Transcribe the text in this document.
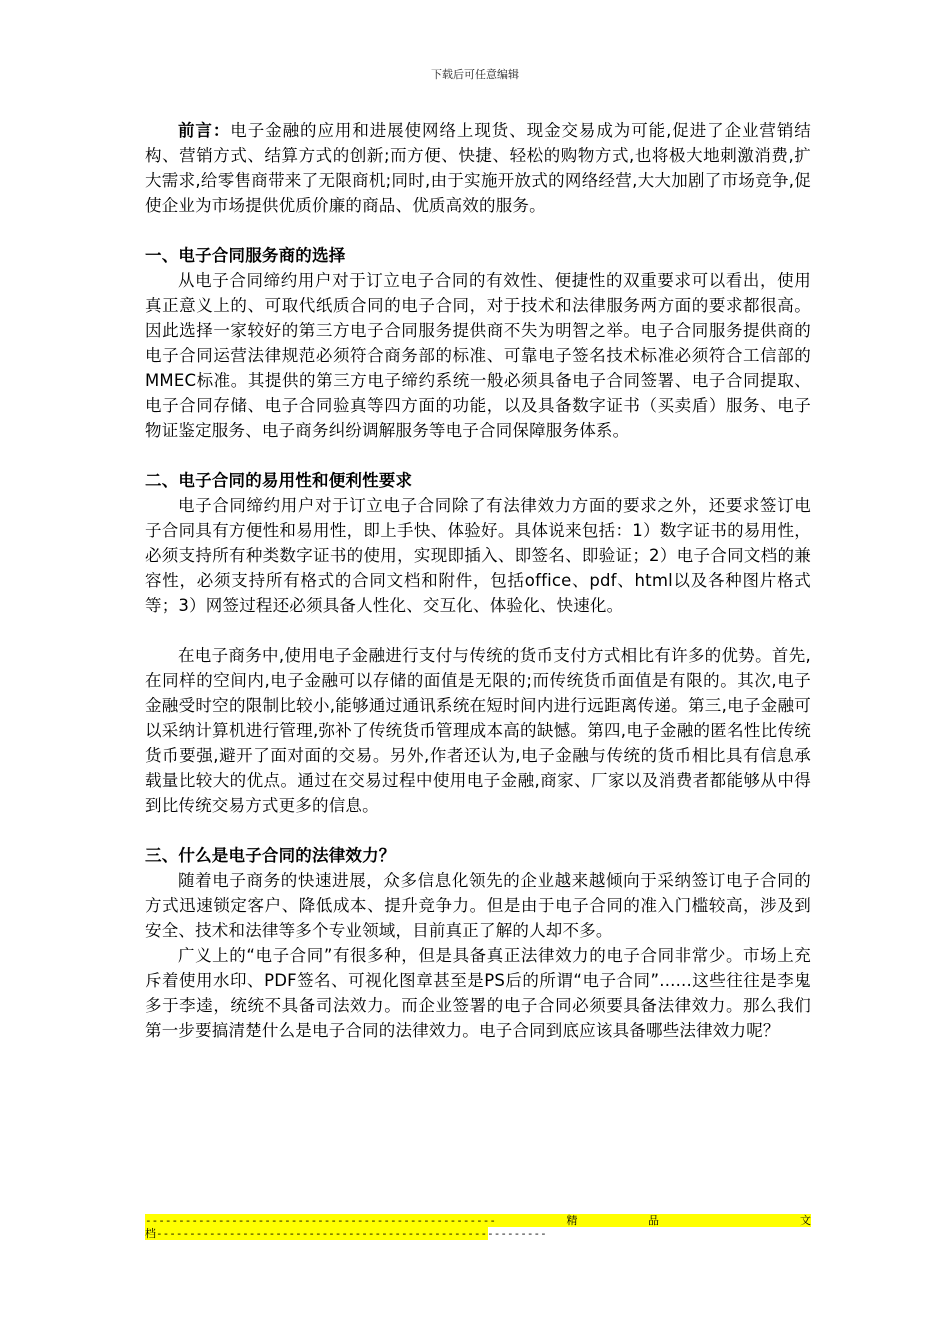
下载后可任意编辑

前言：电子金融的应用和进展使网络上现货、现金交易成为可能,促进了企业营销结构、营销方式、结算方式的创新;而方便、快捷、轻松的购物方式,也将极大地刺激消费,扩大需求,给零售商带来了无限商机;同时,由于实施开放式的网络经营,大大加剧了市场竞争,促使企业为市场提供优质价廉的商品、优质高效的服务。

一、电子合同服务商的选择

从电子合同缔约用户对于订立电子合同的有效性、便捷性的双重要求可以看出，使用真正意义上的、可取代纸质合同的电子合同，对于技术和法律服务两方面的要求都很高。因此选择一家较好的第三方电子合同服务提供商不失为明智之举。电子合同服务提供商的电子合同运营法律规范必须符合商务部的标准、可靠电子签名技术标准必须符合工信部的MMEC标准。其提供的第三方电子缔约系统一般必须具备电子合同签署、电子合同提取、电子合同存储、电子合同验真等四方面的功能，以及具备数字证书（买卖盾）服务、电子物证鉴定服务、电子商务纠纷调解服务等电子合同保障服务体系。

二、电子合同的易用性和便利性要求

电子合同缔约用户对于订立电子合同除了有法律效力方面的要求之外，还要求签订电子合同具有方便性和易用性，即上手快、体验好。具体说来包括：1）数字证书的易用性，必须支持所有种类数字证书的使用，实现即插入、即签名、即验证；2）电子合同文档的兼容性，必须支持所有格式的合同文档和附件，包括office、pdf、html以及各种图片格式等；3）网签过程还必须具备人性化、交互化、体验化、快速化。

在电子商务中,使用电子金融进行支付与传统的货币支付方式相比有许多的优势。首先,在同样的空间内,电子金融可以存储的面值是无限的;而传统货币面值是有限的。其次,电子金融受时空的限制比较小,能够通过通讯系统在短时间内进行远距离传递。第三,电子金融可以采纳计算机进行管理,弥补了传统货币管理成本高的缺憾。第四,电子金融的匿名性比传统货币要强,避开了面对面的交易。另外,作者还认为,电子金融与传统的货币相比具有信息承载量比较大的优点。通过在交易过程中使用电子金融,商家、厂家以及消费者都能够从中得到比传统交易方式更多的信息。

三、什么是电子合同的法律效力？

随着电子商务的快速进展，众多信息化领先的企业越来越倾向于采纳签订电子合同的方式迅速锁定客户、降低成本、提升竞争力。但是由于电子合同的准入门槛较高，涉及到安全、技术和法律等多个专业领域，目前真正了解的人却不多。

广义上的“电子合同”有很多种，但是具备真正法律效力的电子合同非常少。市场上充斥着使用水印、PDF签名、可视化图章甚至是PS后的所谓“电子合同”......这些往往是李鬼多于李逵，统统不具备司法效力。而企业签署的电子合同必须要具备法律效力。那么我们第一步要搞清楚什么是电子合同的法律效力。电子合同到底应该具备哪些法律效力呢？

-----------------------------------------------------	精	品	文
档-----------------------------------------------------------
